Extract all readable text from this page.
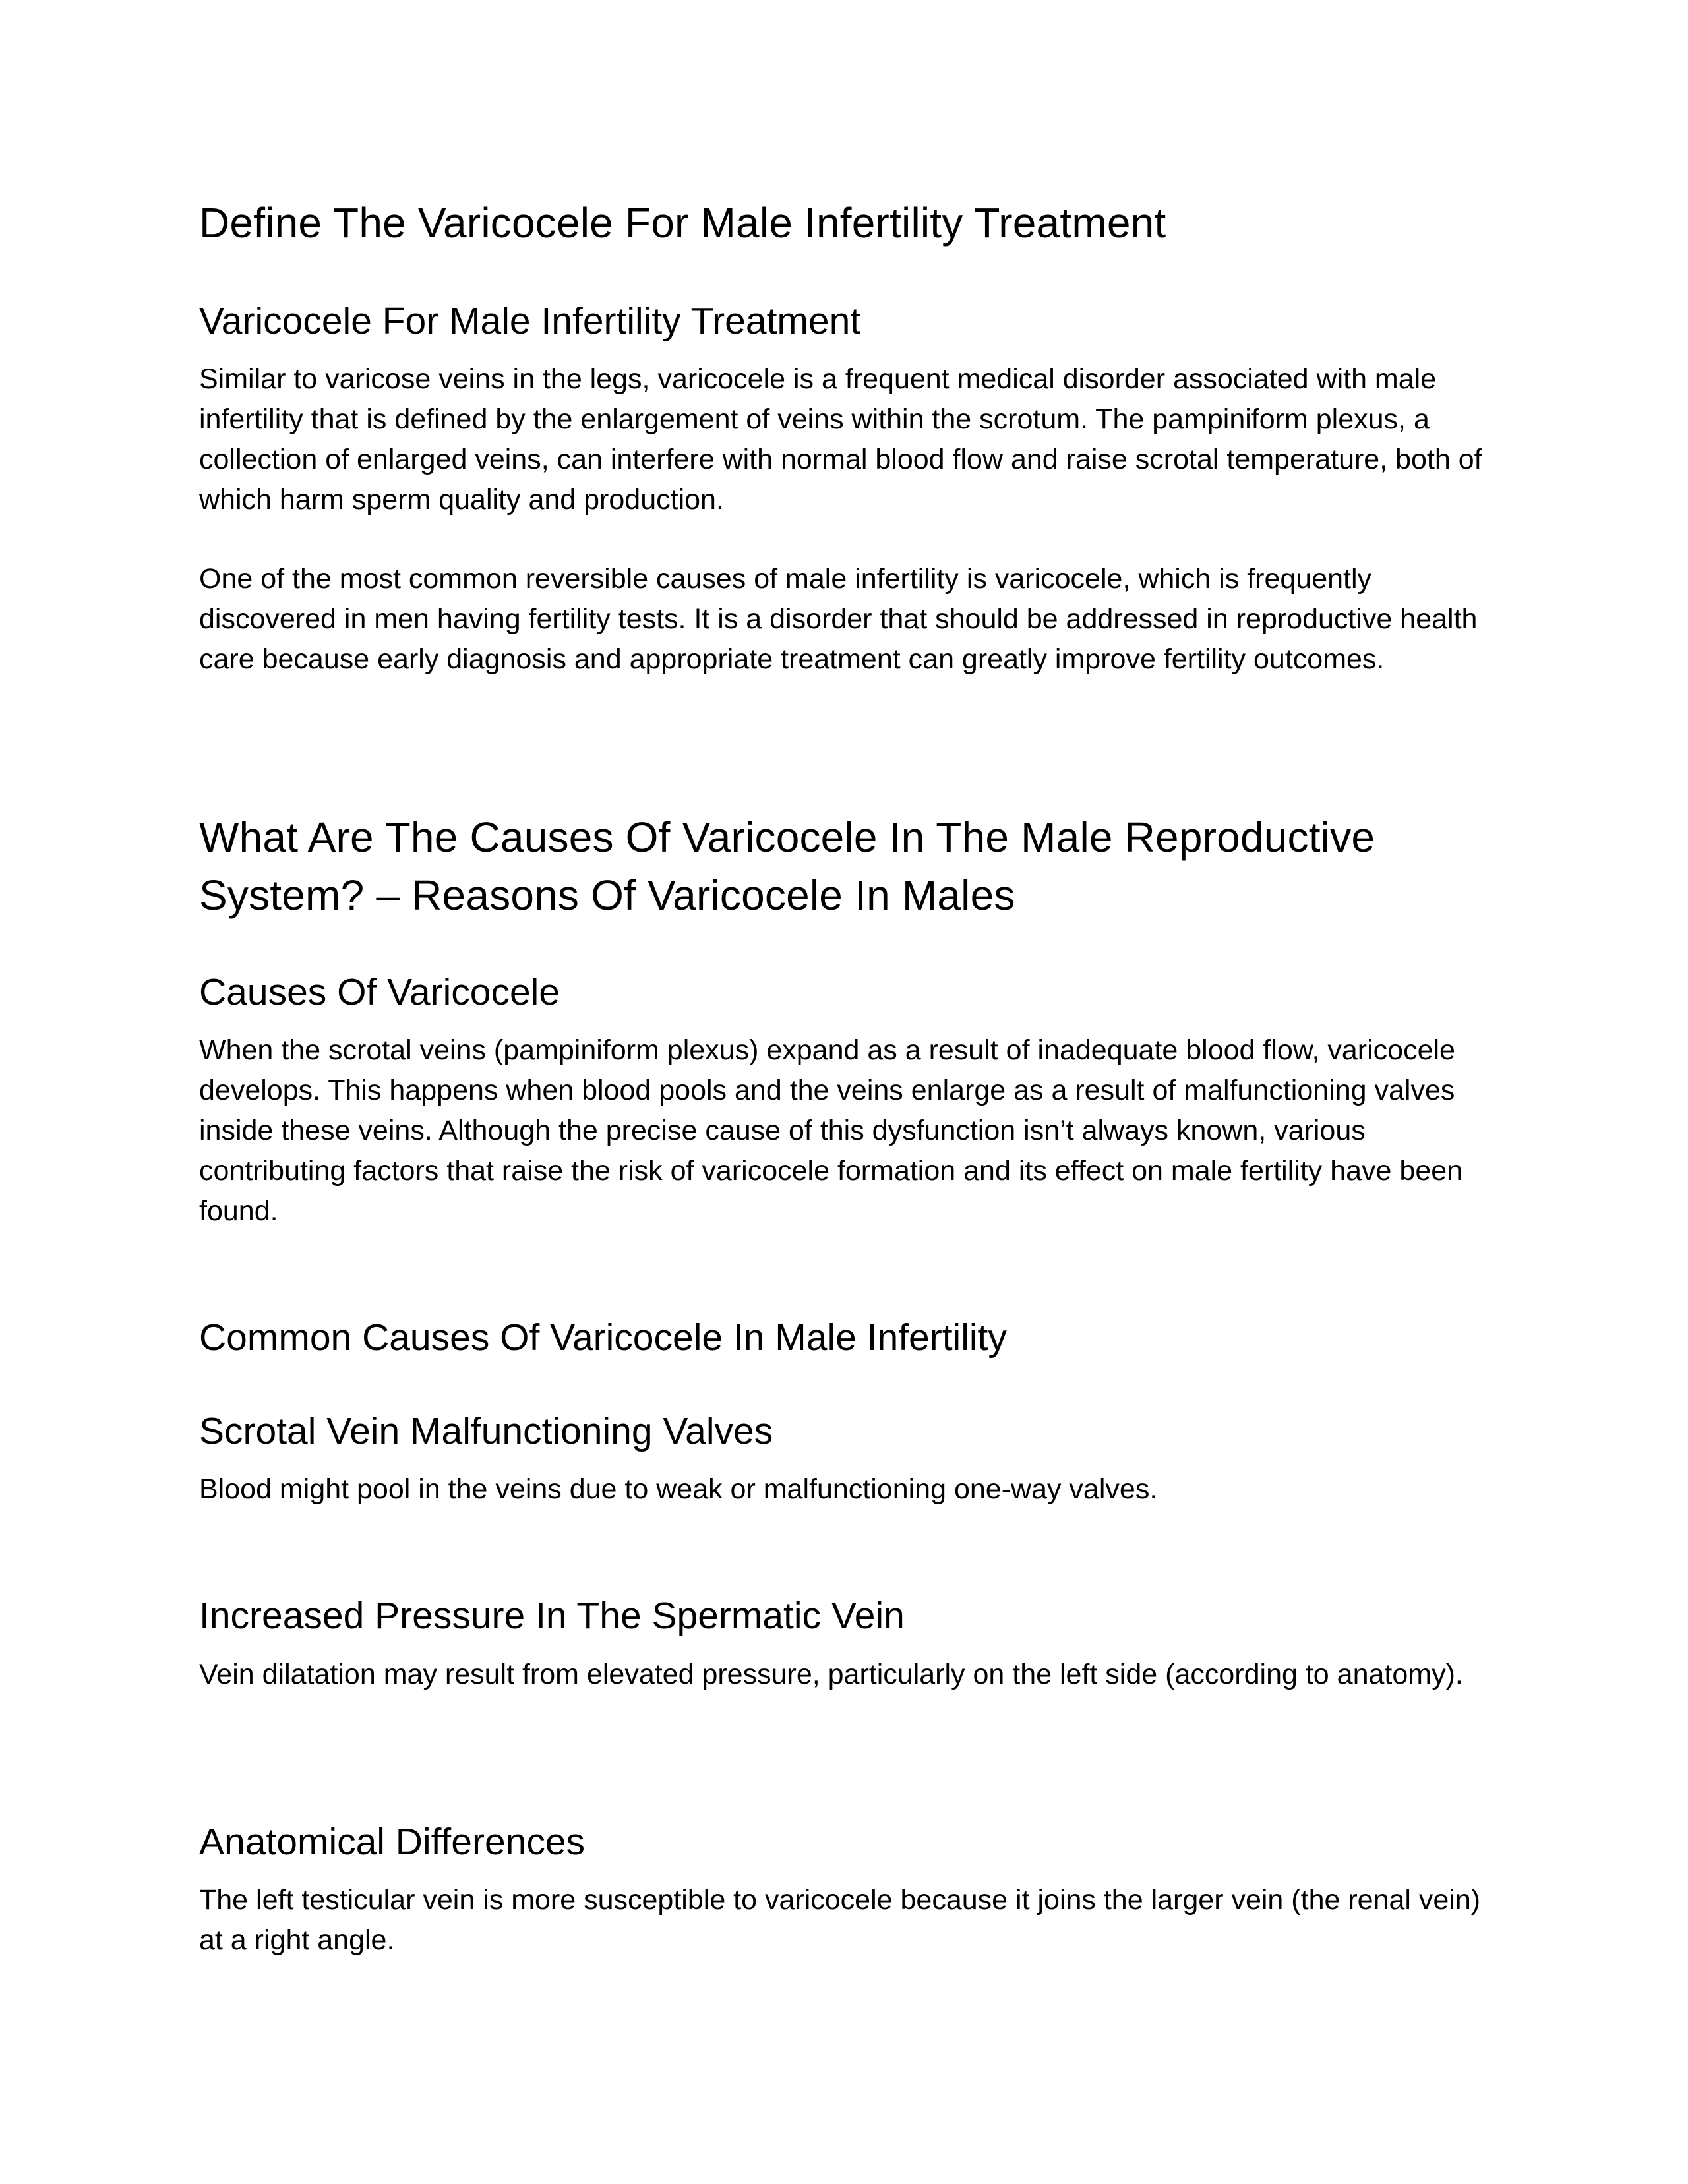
Define The Varicocele For Male Infertility Treatment
Varicocele For Male Infertility Treatment

Similar to varicose veins in the legs, varicocele is a frequent medical disorder associated with male infertility that is defined by the enlargement of veins within the scrotum. The pampiniform plexus, a collection of enlarged veins, can interfere with normal blood flow and raise scrotal temperature, both of which harm sperm quality and production.

One of the most common reversible causes of male infertility is varicocele, which is frequently discovered in men having fertility tests. It is a disorder that should be addressed in reproductive health care because early diagnosis and appropriate treatment can greatly improve fertility outcomes.

What Are The Causes Of Varicocele In The Male Reproductive System? – Reasons Of Varicocele In Males
Causes Of Varicocele

When the scrotal veins (pampiniform plexus) expand as a result of inadequate blood flow, varicocele develops. This happens when blood pools and the veins enlarge as a result of malfunctioning valves inside these veins. Although the precise cause of this dysfunction isn’t always known, various contributing factors that raise the risk of varicocele formation and its effect on male fertility have been found.

Common Causes Of Varicocele In Male Infertility
Scrotal Vein Malfunctioning Valves

Blood might pool in the veins due to weak or malfunctioning one-way valves.

Increased Pressure In The Spermatic Vein

Vein dilatation may result from elevated pressure, particularly on the left side (according to anatomy).

Anatomical Differences

The left testicular vein is more susceptible to varicocele because it joins the larger vein (the renal vein) at a right angle.
